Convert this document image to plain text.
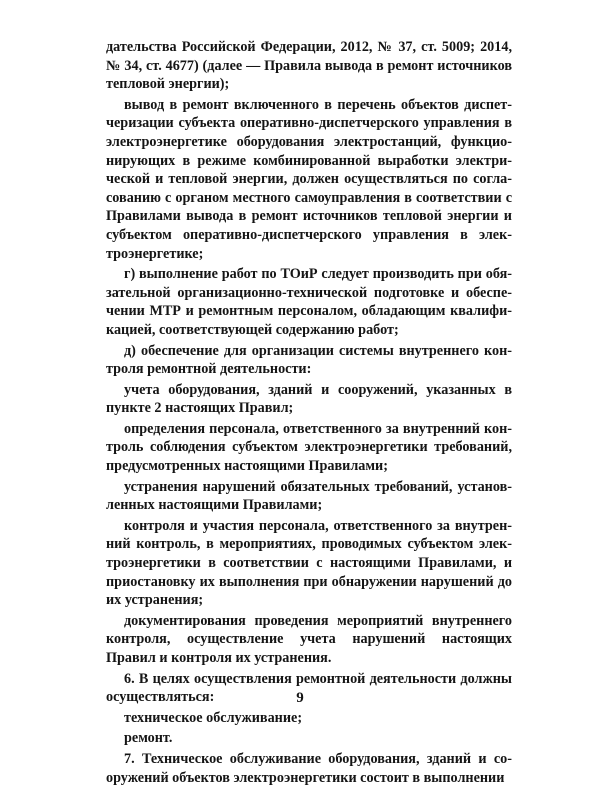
дательства Российской Федерации, 2012, № 37, ст. 5009; 2014, № 34, ст. 4677) (далее — Правила вывода в ремонт источников тепловой энергии);

вывод в ремонт включенного в перечень объектов диспетчеризации субъекта оперативно-диспетчерского управления в электроэнергетике оборудования электростанций, функционирующих в режиме комбинированной выработки электрической и тепловой энергии, должен осуществляться по согласованию с органом местного самоуправления в соответствии с Правилами вывода в ремонт источников тепловой энергии и субъектом оперативно-диспетчерского управления в электроэнергетике;

г) выполнение работ по ТОиР следует производить при обязательной организационно-технической подготовке и обеспечении МТР и ремонтным персоналом, обладающим квалификацией, соответствующей содержанию работ;

д) обеспечение для организации системы внутреннего контроля ремонтной деятельности:

учета оборудования, зданий и сооружений, указанных в пункте 2 настоящих Правил;

определения персонала, ответственного за внутренний контроль соблюдения субъектом электроэнергетики требований, предусмотренных настоящими Правилами;

устранения нарушений обязательных требований, установленных настоящими Правилами;

контроля и участия персонала, ответственного за внутренний контроль, в мероприятиях, проводимых субъектом электроэнергетики в соответствии с настоящими Правилами, и приостановку их выполнения при обнаружении нарушений до их устранения;

документирования проведения мероприятий внутреннего контроля, осуществление учета нарушений настоящих Правил и контроля их устранения.

6. В целях осуществления ремонтной деятельности должны осуществляться:

техническое обслуживание;

ремонт.

7. Техническое обслуживание оборудования, зданий и сооружений объектов электроэнергетики состоит в выполнении

9
